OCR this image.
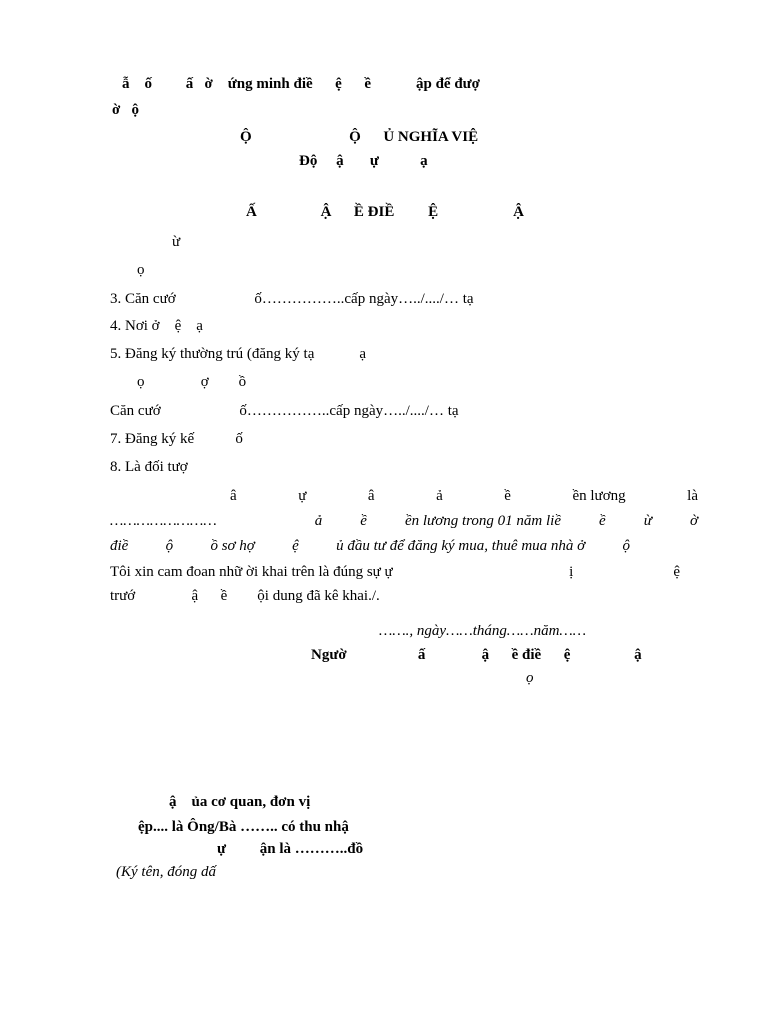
ẫ    ố         ấ   ờ    ứng minh điề      ệ      ề            ập để đượ
ờ   ộ
Ộ                          Ộ      Ủ NGHĨA VIỆ
Độ     ậ       ự           ạ
Ấ                 Ậ      Ề ĐIỀ         Ệ                    Ậ
ừ
ọ
3. Căn cướ                     ố……………..cấp ngày…../..../… tạ
4. Nơi ở    ệ    ạ
5. Đăng ký thường trú (đăng ký tạ            ạ
ọ               ợ        ồ
Căn cướ                     ố……………..cấp ngày…../..../… tạ
7. Đăng ký kế           ố
8. Là đối tượ
â	ự	â	ả	ề	ền lương	là
……………………	ả	ề	ền lương trong 01 năm liề	ề	ừ	ờ
điề ộ ồ sơ hợ ệ ủ đầu tư để đăng ký mua, thuê mua nhà ở ộ
Tôi xin cam đoan nhữ ời khai trên là đúng sự ự	ị	ệ
trướ               ậ      ề        ội dung đã kê khai./.
……., ngày……tháng……năm……
Ngườ                   ấ               ậ      ề điề      ệ                 ậ
ọ
ậ    ủa cơ quan, đơn vị
ệp.... là Ông/Bà …….. có thu nhậ
ự         ận là ………..đồ
(Ký tên, đóng dấ
